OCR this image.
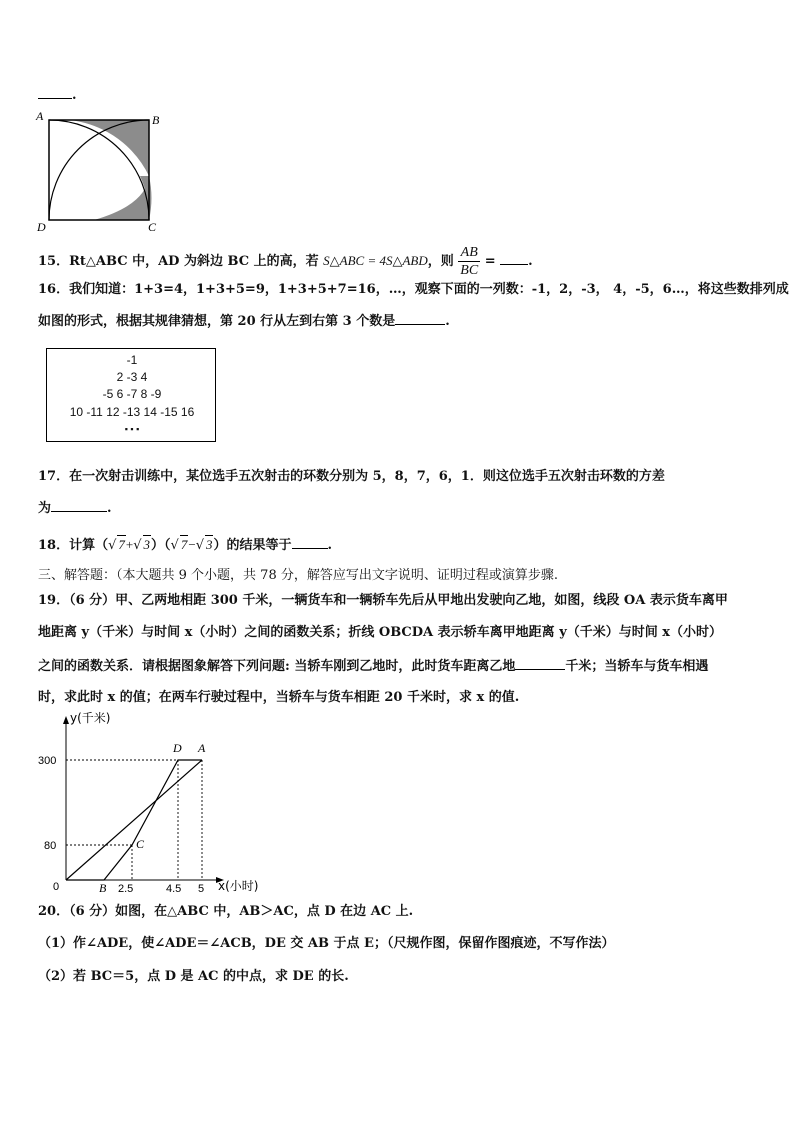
.
A	B
C
D
15．Rt△ABC 中，AD 为斜边 BC 上的高，若 S△ABC = 4S△ABD，则 $\frac{AB}{BC}$ =	.
16．我们知道：1+3=4，1+3+5=9，1+3+5+7=16，…，观察下面的一列数：-1，2，-3， 4，-5，6…，将这些数排列成
如图的形式，根据其规律猜想，第 20 行从左到右第 3 个数是	.
-1
2 -3 4
-5 6 -7 8 -9
10 -11 12 -13 14 -15 16
▪ ▪ ▪
17．在一次射击训练中，某位选手五次射击的环数分别为 5，8，7，6，1．则这位选手五次射击环数的方差
为	.
18．计算（√ 7+√ 3）（√ 7−√ 3）的结果等于	.
三、解答题：（本大题共 9 个小题，共 78 分，解答应写出文字说明、证明过程或演算步骤.
19．（6 分）甲、乙两地相距 300 千米，一辆货车和一辆轿车先后从甲地出发驶向乙地，如图，线段 OA 表示货车离甲
地距离 y（千米）与时间 x（小时）之间的函数关系；折线 OBCDA 表示轿车离甲地距离 y（千米）与时间 x（小时）
之间的函数关系．请根据图象解答下列问题: 当轿车刚到乙地时，此时货车距离乙地	千米；当轿车与货车相遇
时，求此时 x 的值；在两车行驶过程中，当轿车与货车相距 20 千米时，求 x 的值.
y(千米)
x(小时)
300
80
0	B 2.5	4.5 5
D A
C
20．（6 分）如图，在△ABC 中，AB＞AC，点 D 在边 AC 上.
（1）作∠ADE，使∠ADE＝∠ACB，DE 交 AB 于点 E；（尺规作图，保留作图痕迹，不写作法）
（2）若 BC＝5，点 D 是 AC 的中点，求 DE 的长.
